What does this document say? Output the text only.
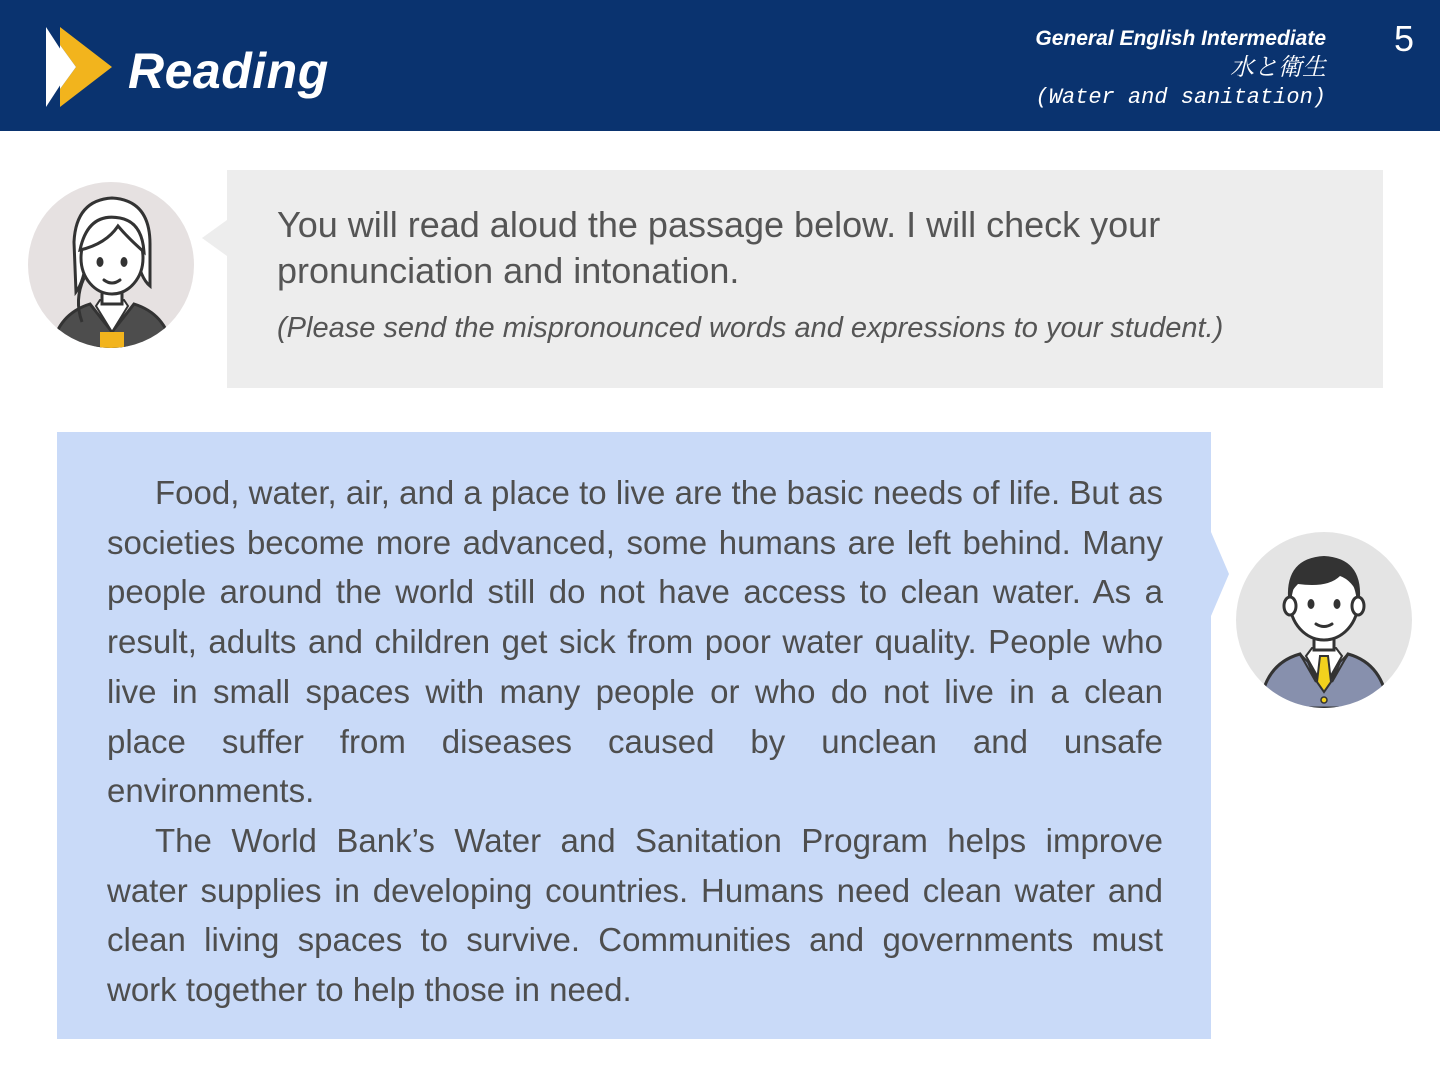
Reading
General English Intermediate
水と衛生
(Water and sanitation)
5
You will read aloud the passage below. I will check your pronunciation and intonation.
(Please send the mispronounced words and expressions to your student.)

Food, water, air, and a place to live are the basic needs of life. But as societies become more advanced, some humans are left behind. Many people around the world still do not have access to clean water. As a result, adults and children get sick from poor water quality. People who live in small spaces with many people or who do not live in a clean place suffer from diseases caused by unclean and unsafe environments.

The World Bank’s Water and Sanitation Program helps improve water supplies in developing countries. Humans need clean water and clean living spaces to survive. Communities and governments must work together to help those in need.
